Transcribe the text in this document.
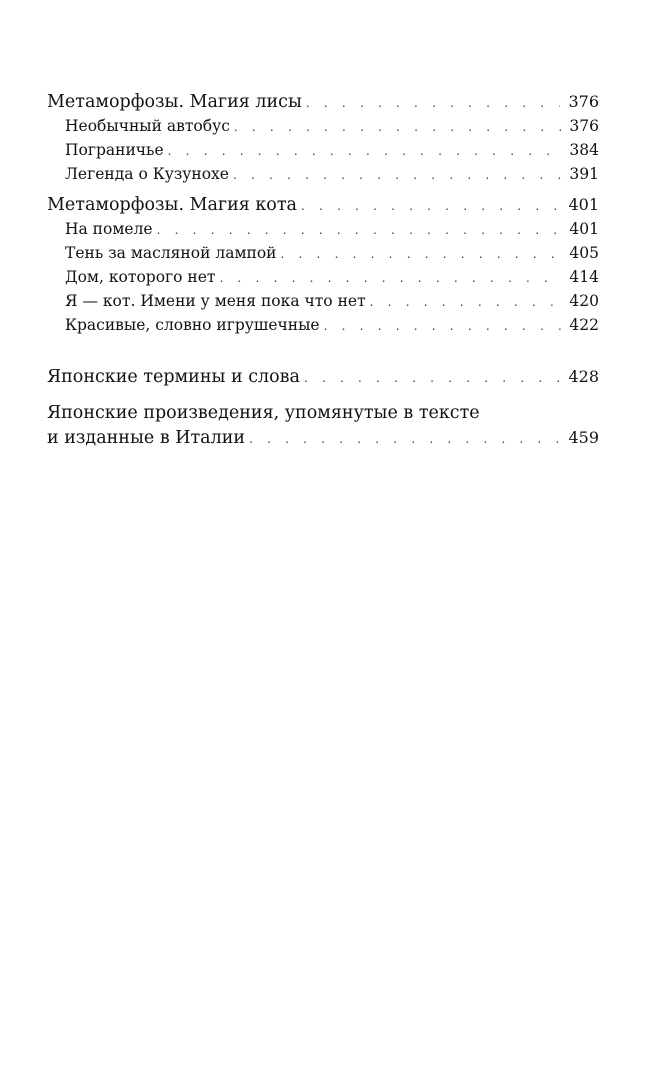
Метаморфозы. Магия лисы . . .	376
Необычный автобус . . .	376
Пограничье . . .	384
Легенда о Кузунохе . . .	391
Метаморфозы. Магия кота . . .	401
На помеле . . .	401
Тень за масляной лампой . . .	405
Дом, которого нет . . .	414
Я — кот. Имени у меня пока что нет . . .	420
Красивые, словно игрушечные . . .	422
Японские термины и слова . . .	428
Японские произведения, упомянутые в тексте
и изданные в Италии . . .	459
